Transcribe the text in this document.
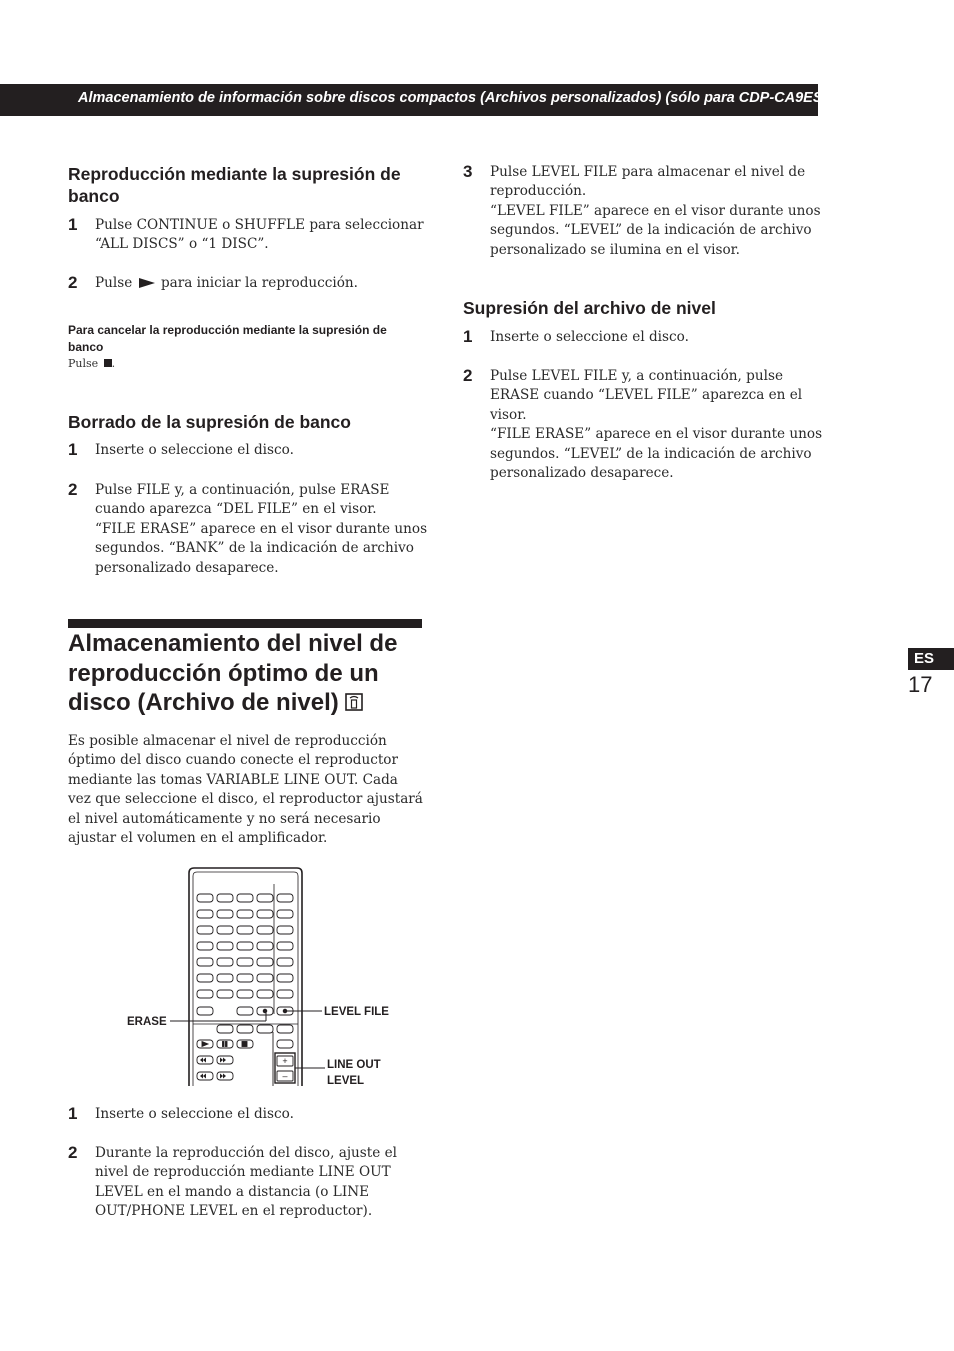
Almacenamiento de información sobre discos compactos (Archivos personalizados) (sólo para CDP-CA9ES)
Reproducción mediante la supresión de banco
1 Pulse CONTINUE o SHUFFLE para seleccionar “ALL DISCS” o “1 DISC”.
2 Pulse para iniciar la reproducción.
Para cancelar la reproducción mediante la supresión de banco
Pulse .
Borrado de la supresión de banco
1 Inserte o seleccione el disco.
2 Pulse FILE y, a continuación, pulse ERASE cuando aparezca “DEL FILE” en el visor.
“FILE ERASE” aparece en el visor durante unos segundos. “BANK” de la indicación de archivo personalizado desaparece.
Almacenamiento del nivel de reproducción óptimo de un disco (Archivo de nivel)
Es posible almacenar el nivel de reproducción óptimo del disco cuando conecte el reproductor mediante las tomas VARIABLE LINE OUT. Cada vez que seleccione el disco, el reproductor ajustará el nivel automáticamente y no será necesario ajustar el volumen en el amplificador.
+
–
ERASE
LEVEL FILE
LINE OUT
LEVEL
1 Inserte o seleccione el disco.
2 Durante la reproducción del disco, ajuste el nivel de reproducción mediante LINE OUT LEVEL en el mando a distancia (o LINE OUT/PHONE LEVEL en el reproductor).
3 Pulse LEVEL FILE para almacenar el nivel de reproducción.
“LEVEL FILE” aparece en el visor durante unos segundos. “LEVEL” de la indicación de archivo personalizado se ilumina en el visor.
Supresión del archivo de nivel
1 Inserte o seleccione el disco.
2 Pulse LEVEL FILE y, a continuación, pulse ERASE cuando “LEVEL FILE” aparezca en el visor.
“FILE ERASE” aparece en el visor durante unos segundos. “LEVEL” de la indicación de archivo personalizado desaparece.
ES
17
